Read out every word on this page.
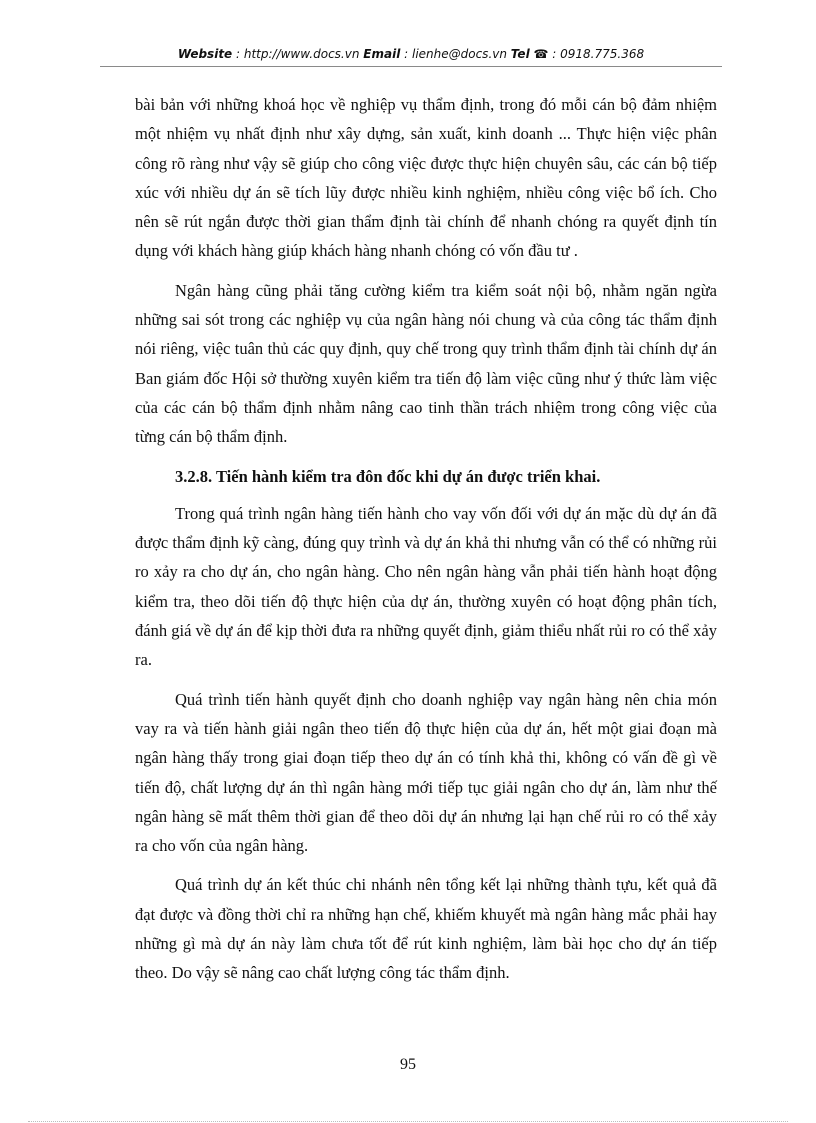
Website : http://www.docs.vn Email : lienhe@docs.vn Tel ☎ : 0918.775.368

bài bản với những khoá học về nghiệp vụ thẩm định, trong đó mỗi cán bộ đảm nhiệm một nhiệm vụ nhất định như xây dựng, sản xuất, kinh doanh ... Thực hiện việc phân công rõ ràng như vậy sẽ giúp cho công việc được thực hiện chuyên sâu, các cán bộ tiếp xúc với nhiều dự án sẽ tích lũy được nhiều kinh nghiệm, nhiều công việc bổ ích. Cho nên sẽ rút ngắn được thời gian thẩm định tài chính để nhanh chóng ra quyết định tín dụng với khách hàng giúp khách hàng nhanh chóng có vốn đầu tư .

Ngân hàng cũng phải tăng cường kiểm tra kiểm soát nội bộ, nhằm ngăn ngừa những sai sót trong các nghiệp vụ của ngân hàng nói chung và của công tác thẩm định nói riêng, việc tuân thủ các quy định, quy chế trong quy trình thẩm định tài chính dự án Ban giám đốc Hội sở thường xuyên kiểm tra tiến độ làm việc cũng như ý thức làm việc của các cán bộ thẩm định nhằm nâng cao tinh thần trách nhiệm trong công việc của từng cán bộ thẩm định.

3.2.8. Tiến hành kiểm tra đôn đốc khi dự án được triển khai.

Trong quá trình ngân hàng tiến hành cho vay vốn đối với dự án mặc dù dự án đã được thẩm định kỹ càng, đúng quy trình và dự án khả thi nhưng vẫn có thể có những rủi ro xảy ra cho dự án, cho ngân hàng. Cho nên ngân hàng vẫn phải tiến hành hoạt động kiểm tra, theo dõi tiến độ thực hiện của dự án, thường xuyên có hoạt động phân tích, đánh giá về dự án để kịp thời đưa ra những quyết định, giảm thiểu nhất rủi ro có thể xảy ra.

Quá trình tiến hành quyết định cho doanh nghiệp vay ngân hàng nên chia món vay ra và tiến hành giải ngân theo tiến độ thực hiện của dự án, hết một giai đoạn mà ngân hàng thấy trong giai đoạn tiếp theo dự án có tính khả thi, không có vấn đề gì về tiến độ, chất lượng dự án thì ngân hàng mới tiếp tục giải ngân cho dự án, làm như thế ngân hàng sẽ mất thêm thời gian để theo dõi dự án nhưng lại hạn chế rủi ro có thể xảy ra cho vốn của ngân hàng.

Quá trình dự án kết thúc chi nhánh nên tổng kết lại những thành tựu, kết quả đã đạt được và đồng thời chỉ ra những hạn chế, khiếm khuyết mà ngân hàng mắc phải hay những gì mà dự án này làm chưa tốt để rút kinh nghiệm, làm bài học cho dự án tiếp theo. Do vậy sẽ nâng cao chất lượng công tác thẩm định.

95
